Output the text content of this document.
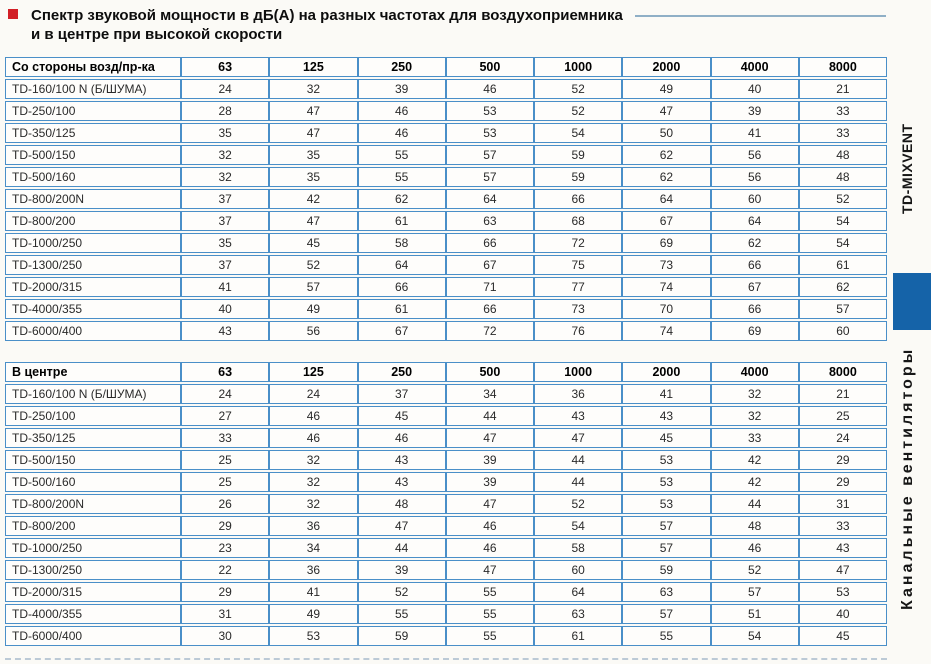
Спектр звуковой мощности в дБ(А) на разных частотах для воздухоприемника
и в центре при высокой скорости
Со стороны возд/пр-ка	63	125	250	500	1000	2000	4000	8000
TD-160/100 N (Б/ШУМА)	24	32	39	46	52	49	40	21
TD-250/100	28	47	46	53	52	47	39	33
TD-350/125	35	47	46	53	54	50	41	33
TD-500/150	32	35	55	57	59	62	56	48
TD-500/160	32	35	55	57	59	62	56	48
TD-800/200N	37	42	62	64	66	64	60	52
TD-800/200	37	47	61	63	68	67	64	54
TD-1000/250	35	45	58	66	72	69	62	54
TD-1300/250	37	52	64	67	75	73	66	61
TD-2000/315	41	57	66	71	77	74	67	62
TD-4000/355	40	49	61	66	73	70	66	57
TD-6000/400	43	56	67	72	76	74	69	60
В центре	63	125	250	500	1000	2000	4000	8000
TD-160/100 N (Б/ШУМА)	24	24	37	34	36	41	32	21
TD-250/100	27	46	45	44	43	43	32	25
TD-350/125	33	46	46	47	47	45	33	24
TD-500/150	25	32	43	39	44	53	42	29
TD-500/160	25	32	43	39	44	53	42	29
TD-800/200N	26	32	48	47	52	53	44	31
TD-800/200	29	36	47	46	54	57	48	33
TD-1000/250	23	34	44	46	58	57	46	43
TD-1300/250	22	36	39	47	60	59	52	47
TD-2000/315	29	41	52	55	64	63	57	53
TD-4000/355	31	49	55	55	63	57	51	40
TD-6000/400	30	53	59	55	61	55	54	45
TD-MIXVENT
Канальные вентиляторы
